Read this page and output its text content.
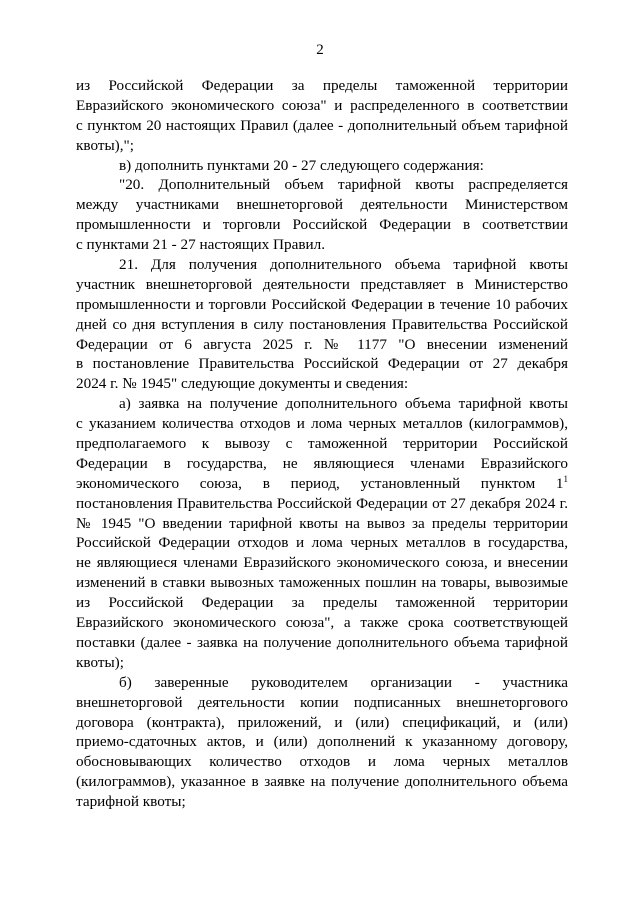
2
из Российской Федерации за пределы таможенной территории
Евразийского экономического союза" и распределенного в соответствии
с пунктом 20 настоящих Правил (далее - дополнительный объем тарифной
квоты),";
в) дополнить пунктами 20 - 27 следующего содержания:
"20. Дополнительный объем тарифной квоты распределяется
между участниками внешнеторговой деятельности Министерством
промышленности и торговли Российской Федерации в соответствии
с пунктами 21 - 27 настоящих Правил.
21. Для получения дополнительного объема тарифной квоты
участник внешнеторговой деятельности представляет в Министерство
промышленности и торговли Российской Федерации в течение 10 рабочих
дней со дня вступления в силу постановления Правительства Российской
Федерации от 6 августа 2025 г. № 1177 "О внесении изменений
в постановление Правительства Российской Федерации от 27 декабря
2024 г. № 1945" следующие документы и сведения:
а) заявка на получение дополнительного объема тарифной квоты
с указанием количества отходов и лома черных металлов (килограммов),
предполагаемого к вывозу с таможенной территории Российской
Федерации в государства, не являющиеся членами Евразийского
экономического союза, в период, установленный пунктом $1^1$
постановления Правительства Российской Федерации от 27 декабря 2024 г.
№ 1945 "О введении тарифной квоты на вывоз за пределы территории
Российской Федерации отходов и лома черных металлов в государства,
не являющиеся членами Евразийского экономического союза, и внесении
изменений в ставки вывозных таможенных пошлин на товары, вывозимые
из Российской Федерации за пределы таможенной территории
Евразийского экономического союза", а также срока соответствующей
поставки (далее - заявка на получение дополнительного объема тарифной
квоты);
б) заверенные руководителем организации - участника
внешнеторговой деятельности копии подписанных внешнеторгового
договора (контракта), приложений, и (или) спецификаций, и (или)
приемо-сдаточных актов, и (или) дополнений к указанному договору,
обосновывающих количество отходов и лома черных металлов
(килограммов), указанное в заявке на получение дополнительного объема
тарифной квоты;
